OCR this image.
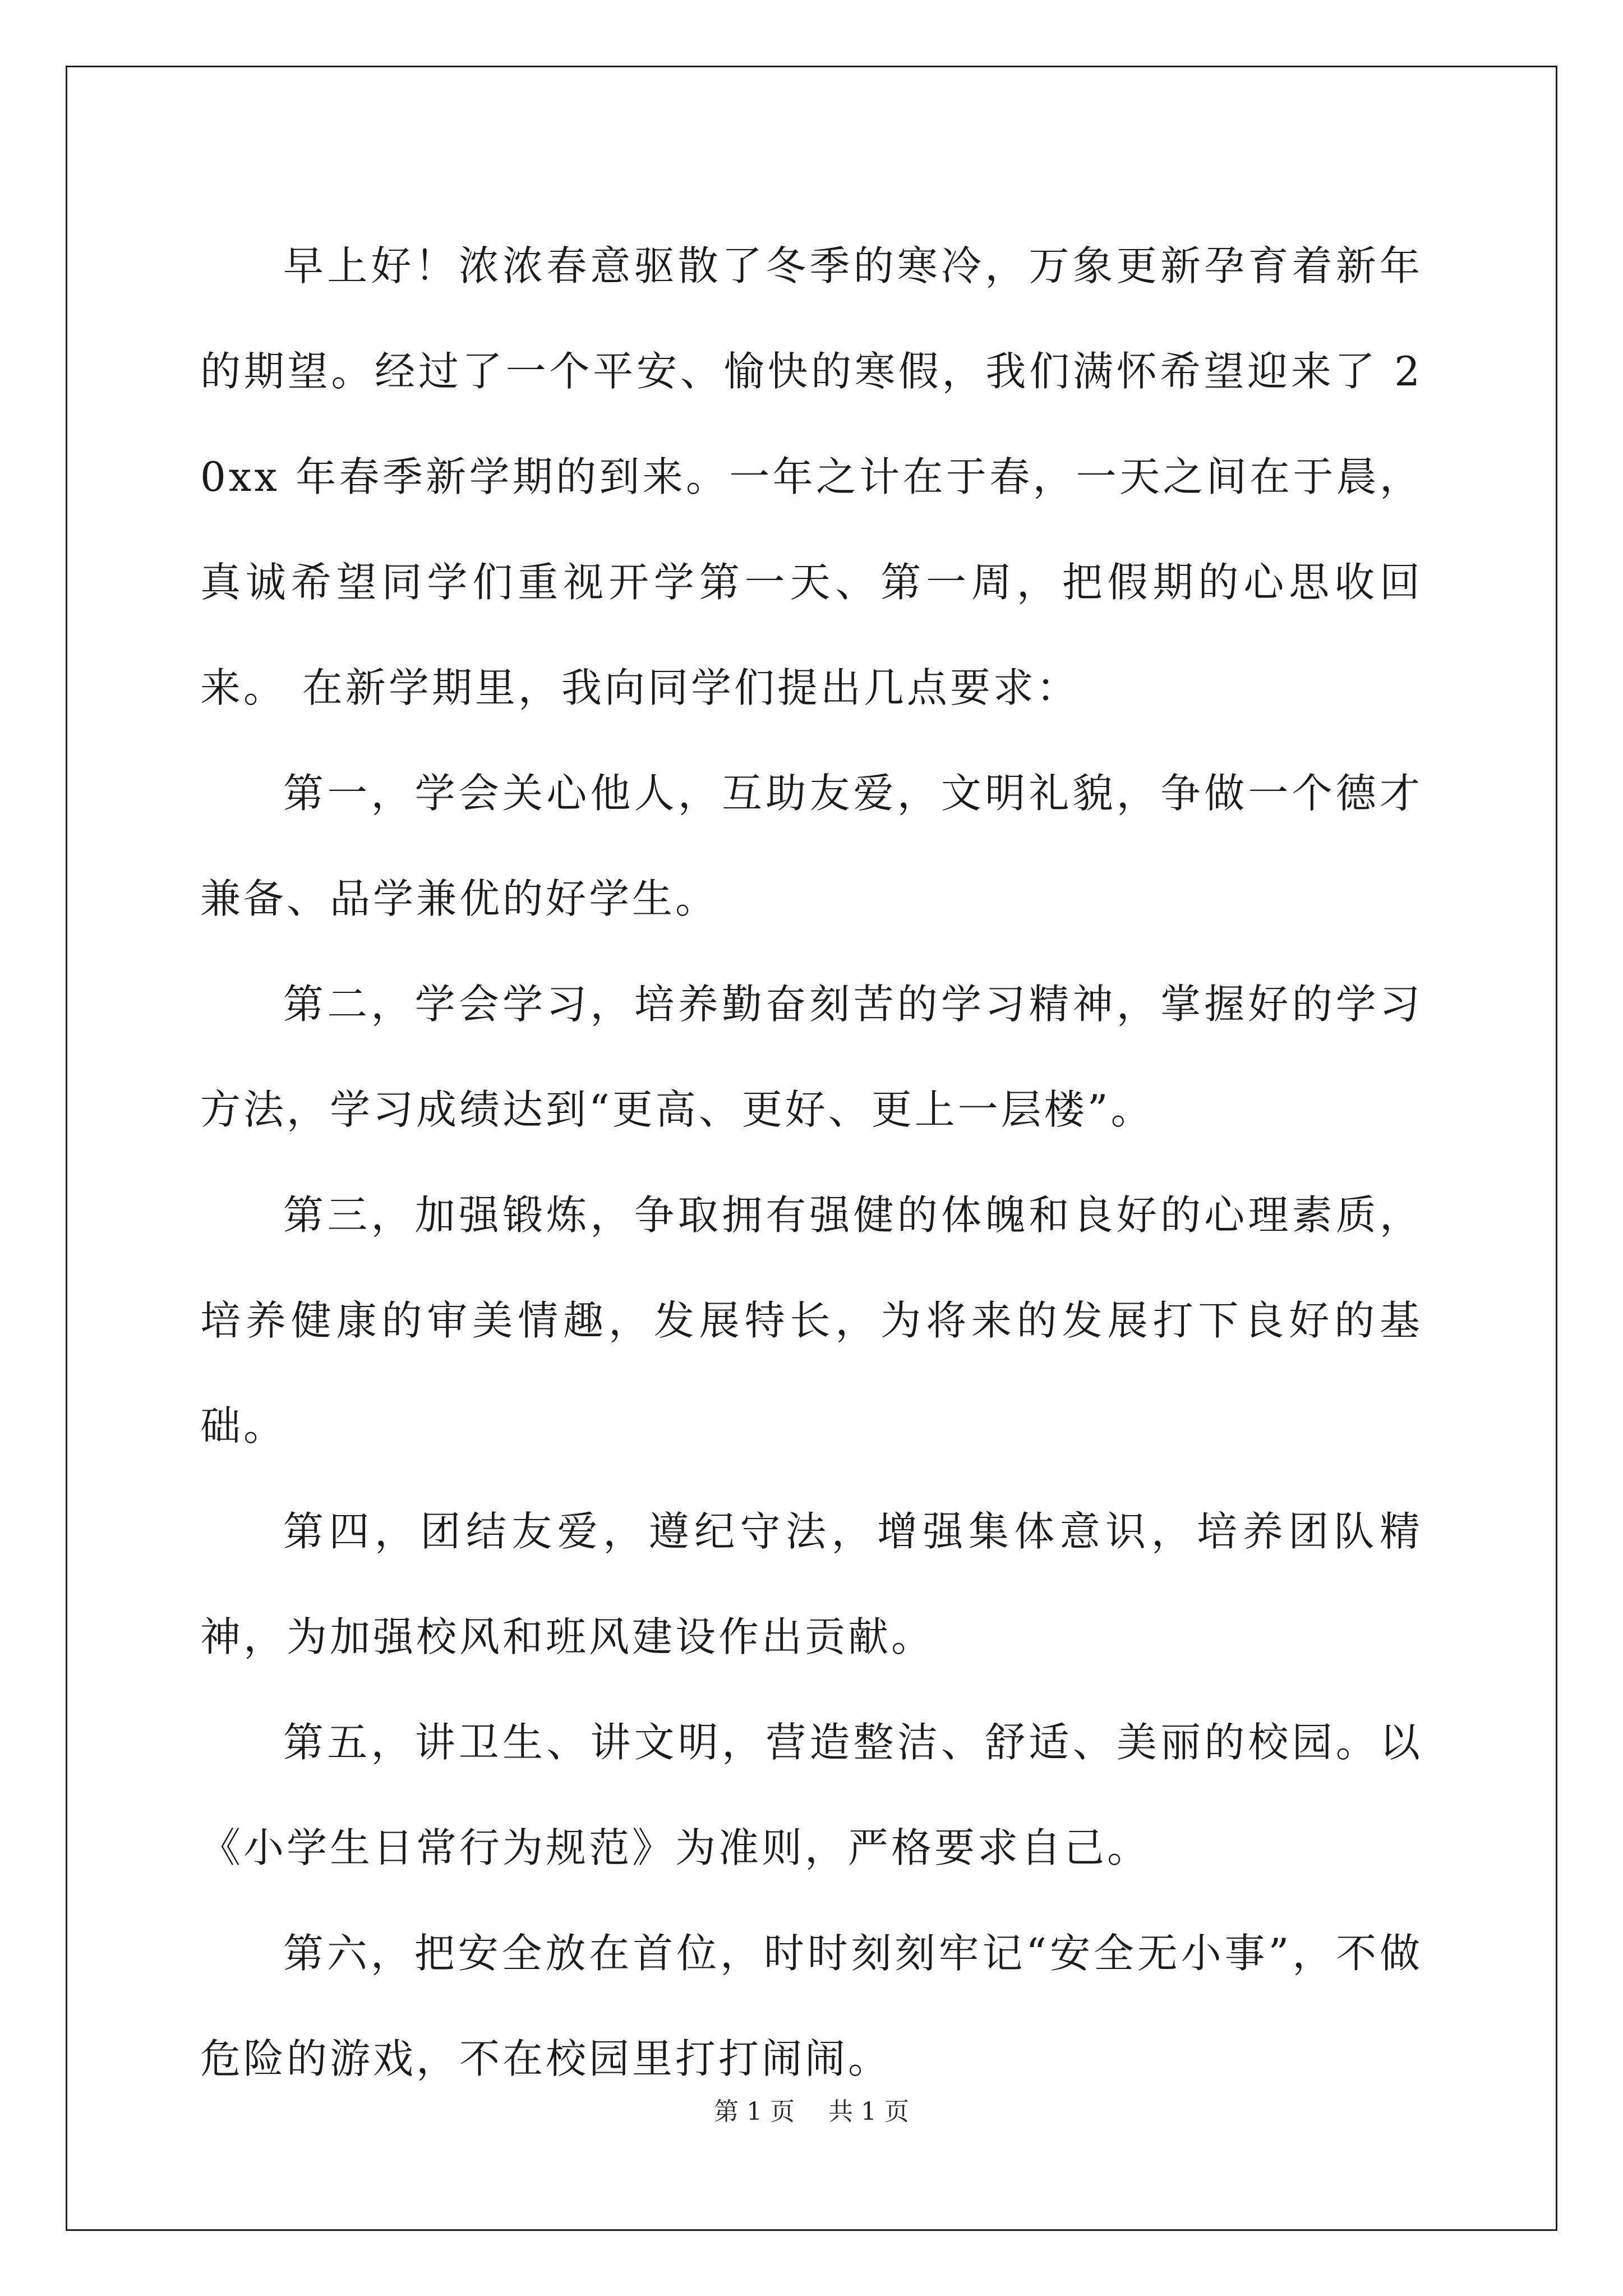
早上好！浓浓春意驱散了冬季的寒冷，万象更新孕育着新年的期望。经过了一个平安、愉快的寒假，我们满怀希望迎来了 20xx 年春季新学期的到来。一年之计在于春，一天之间在于晨，真诚希望同学们重视开学第一天、第一周，把假期的心思收回来。 在新学期里，我向同学们提出几点要求：

第一，学会关心他人，互助友爱，文明礼貌，争做一个德才兼备、品学兼优的好学生。

第二，学会学习，培养勤奋刻苦的学习精神，掌握好的学习方法，学习成绩达到“更高、更好、更上一层楼”。

第三，加强锻炼，争取拥有强健的体魄和良好的心理素质，培养健康的审美情趣，发展特长，为将来的发展打下良好的基础。

第四，团结友爱，遵纪守法，增强集体意识，培养团队精神，为加强校风和班风建设作出贡献。

第五，讲卫生、讲文明，营造整洁、舒适、美丽的校园。以《小学生日常行为规范》为准则，严格要求自己。

第六，把安全放在首位，时时刻刻牢记“安全无小事”，不做危险的游戏，不在校园里打打闹闹。

第 1 页 共 1 页
